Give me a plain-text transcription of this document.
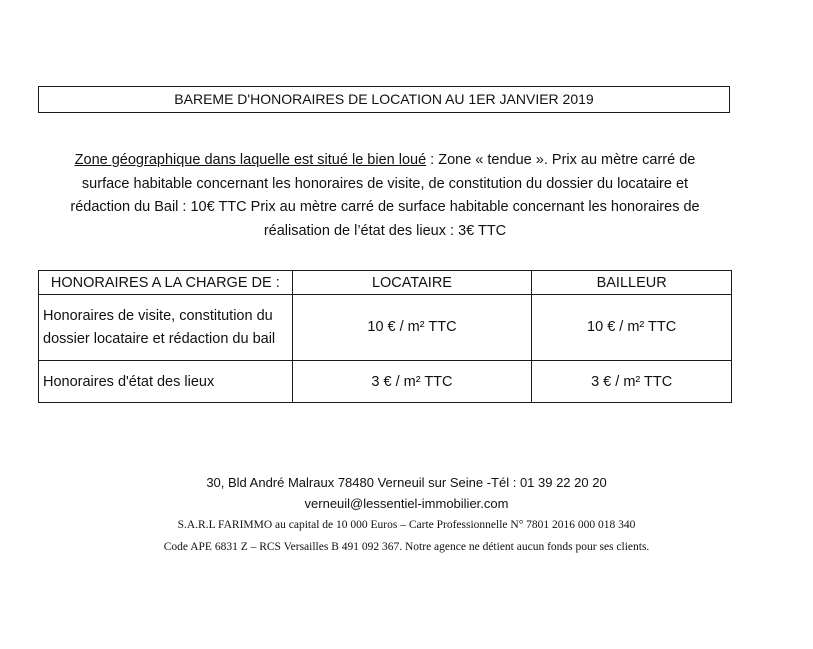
BAREME D'HONORAIRES DE LOCATION AU 1ER JANVIER 2019
Zone géographique dans laquelle est situé le bien loué : Zone « tendue ». Prix au mètre carré de
surface habitable concernant les honoraires de visite, de constitution du dossier du locataire et
rédaction du Bail : 10€ TTC Prix au mètre carré de surface habitable concernant les honoraires de
réalisation de l’état des lieux : 3€ TTC
HONORAIRES A LA CHARGE DE :	LOCATAIRE	BAILLEUR

Honoraires de visite, constitution du
dossier locataire et rédaction du bail	10 € / m² TTC	10 € / m² TTC
Honoraires d'état des lieux	3 € / m² TTC	3 € / m² TTC
30, Bld André Malraux 78480 Verneuil sur Seine -Tél : 01 39 22 20 20
verneuil@lessentiel-immobilier.com
S.A.R.L FARIMMO au capital de 10 000 Euros – Carte Professionnelle N° 7801 2016 000 018 340
Code APE 6831 Z – RCS Versailles B 491 092 367. Notre agence ne détient aucun fonds pour ses clients.
